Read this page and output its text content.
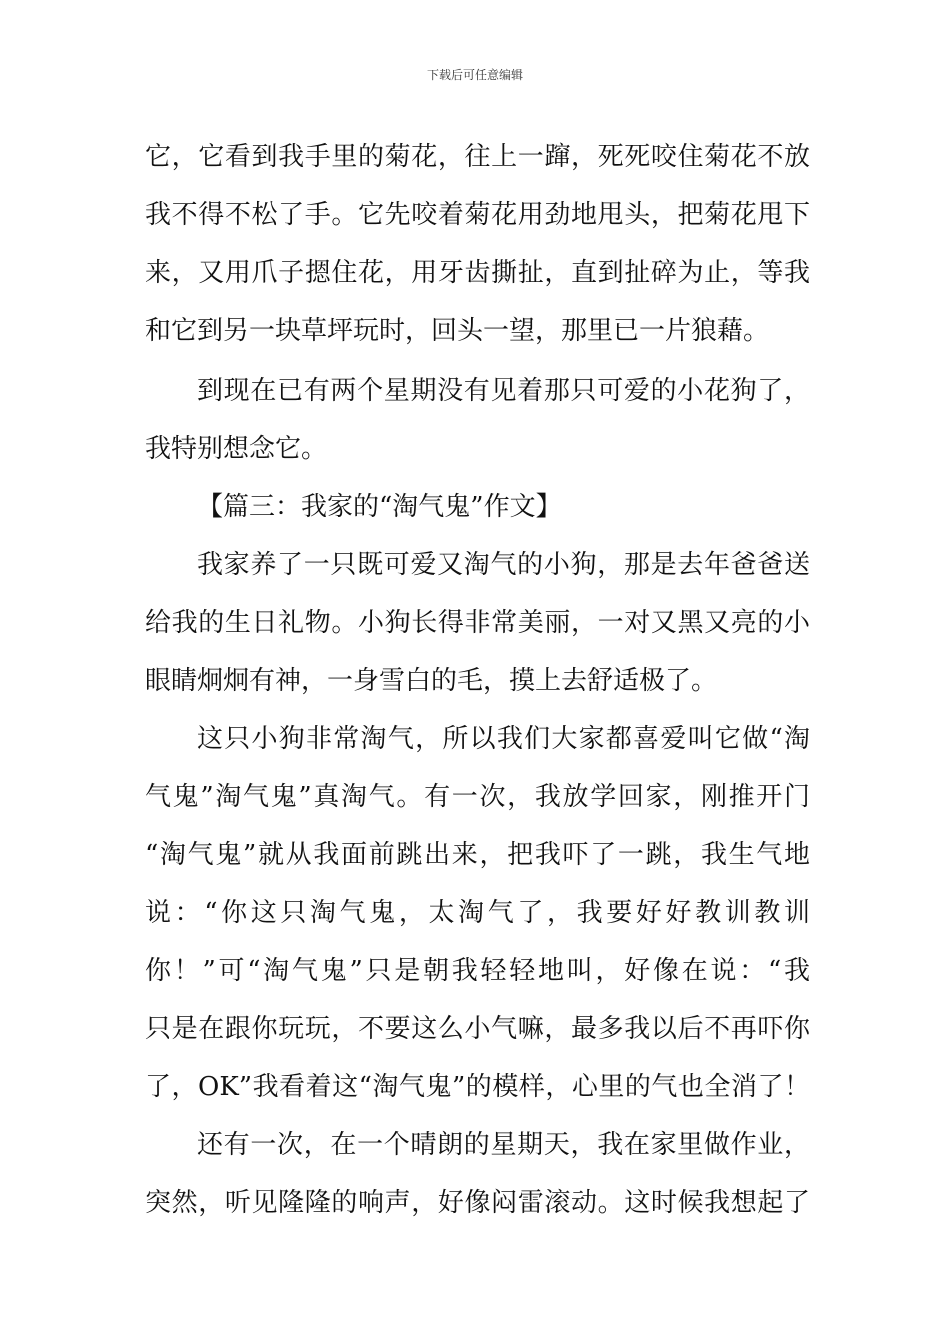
下载后可任意编辑
它，它看到我手里的菊花，往上一蹿，死死咬住菊花不放
我不得不松了手。它先咬着菊花用劲地甩头，把菊花甩下
来，又用爪子摁住花，用牙齿撕扯，直到扯碎为止，等我
和它到另一块草坪玩时，回头一望，那里已一片狼藉。
到现在已有两个星期没有见着那只可爱的小花狗了，
我特别想念它。
【篇三：我家的“淘气鬼”作文】
我家养了一只既可爱又淘气的小狗，那是去年爸爸送
给我的生日礼物。小狗长得非常美丽，一对又黑又亮的小
眼睛炯炯有神，一身雪白的毛，摸上去舒适极了。
这只小狗非常淘气，所以我们大家都喜爱叫它做“淘
气鬼”淘气鬼”真淘气。有一次，我放学回家，刚推开门
“淘气鬼”就从我面前跳出来，把我吓了一跳，我生气地
说：“你这只淘气鬼，太淘气了，我要好好教训教训
你！”可“淘气鬼”只是朝我轻轻地叫，好像在说：“我
只是在跟你玩玩，不要这么小气嘛，最多我以后不再吓你
了，OK”我看着这“淘气鬼”的模样，心里的气也全消了！
还有一次，在一个晴朗的星期天，我在家里做作业，
突然，听见隆隆的响声，好像闷雷滚动。这时候我想起了
